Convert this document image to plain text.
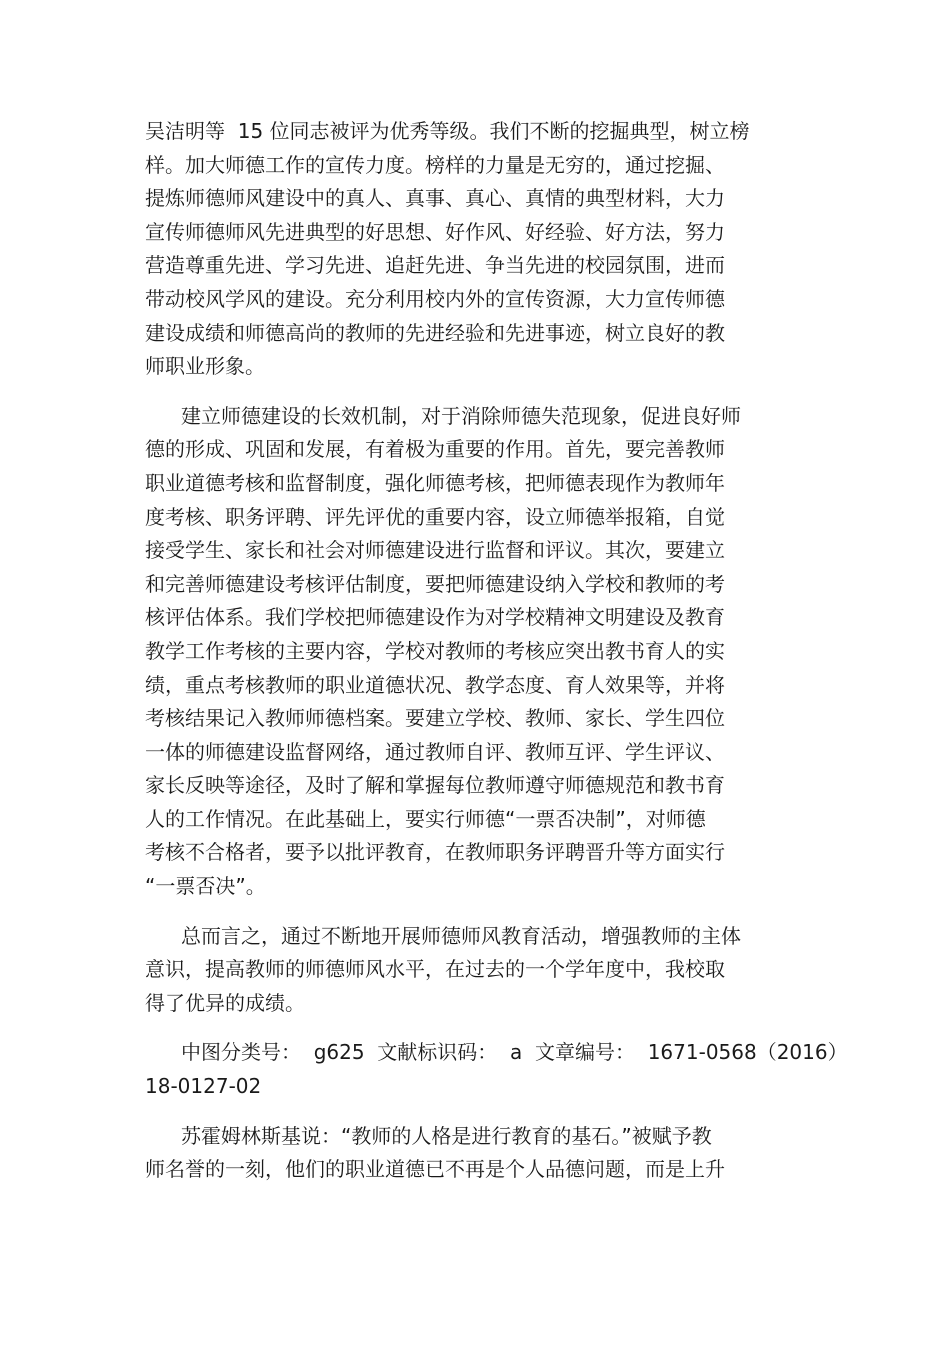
吴洁明等  15 位同志被评为优秀等级。我们不断的挖掘典型，树立榜
样。加大师德工作的宣传力度。榜样的力量是无穷的，通过挖掘、
提炼师德师风建设中的真人、真事、真心、真情的典型材料，大力
宣传师德师风先进典型的好思想、好作风、好经验、好方法，努力
营造尊重先进、学习先进、追赶先进、争当先进的校园氛围，进而
带动校风学风的建设。充分利用校内外的宣传资源，大力宣传师德
建设成绩和师德高尚的教师的先进经验和先进事迹，树立良好的教
师职业形象。
建立师德建设的长效机制，对于消除师德失范现象，促进良好师
德的形成、巩固和发展，有着极为重要的作用。首先，要完善教师
职业道德考核和监督制度，强化师德考核，把师德表现作为教师年
度考核、职务评聘、评先评优的重要内容，设立师德举报箱，自觉
接受学生、家长和社会对师德建设进行监督和评议。其次，要建立
和完善师德建设考核评估制度，要把师德建设纳入学校和教师的考
核评估体系。我们学校把师德建设作为对学校精神文明建设及教育
教学工作考核的主要内容，学校对教师的考核应突出教书育人的实
绩，重点考核教师的职业道德状况、教学态度、育人效果等，并将
考核结果记入教师师德档案。要建立学校、教师、家长、学生四位
一体的师德建设监督网络，通过教师自评、教师互评、学生评议、
家长反映等途径，及时了解和掌握每位教师遵守师德规范和教书育
人的工作情况。在此基础上，要实行师德“一票否决制”，对师德
考核不合格者，要予以批评教育，在教师职务评聘晋升等方面实行
“一票否决”。
总而言之，通过不断地开展师德师风教育活动，增强教师的主体
意识，提高教师的师德师风水平，在过去的一个学年度中，我校取
得了优异的成绩。
中图分类号：  g625  文献标识码：  a  文章编号：  1671-0568（2016）
18-0127-02
苏霍姆林斯基说：“教师的人格是进行教育的基石。”被赋予教
师名誉的一刻，他们的职业道德已不再是个人品德问题，而是上升
